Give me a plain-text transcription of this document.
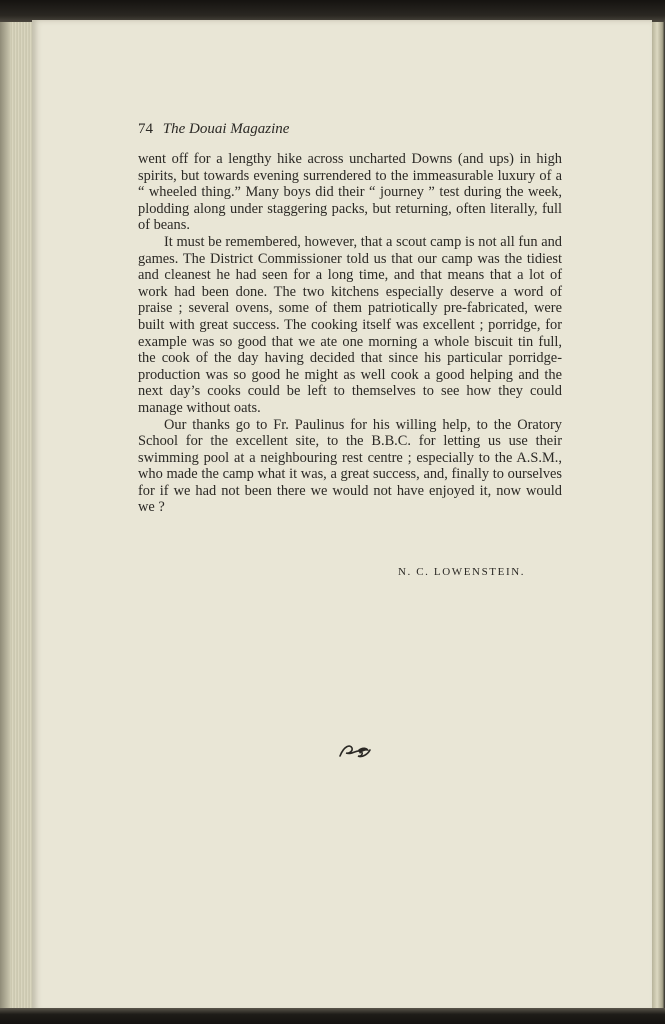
74 The Douai Magazine

went off for a lengthy hike across uncharted Downs (and ups) in high spirits, but towards evening surrendered to the immeasurable luxury of a “ wheeled thing.” Many boys did their “ journey ” test during the week, plodding along under staggering packs, but returning, often literally, full of beans.

It must be remembered, however, that a scout camp is not all fun and games. The District Commissioner told us that our camp was the tidiest and cleanest he had seen for a long time, and that means that a lot of work had been done. The two kitchens especially deserve a word of praise ; several ovens, some of them patriotically pre-fabricated, were built with great success. The cooking itself was excellent ; porridge, for example was so good that we ate one morning a whole biscuit tin full, the cook of the day having decided that since his particular porridge-production was so good he might as well cook a good helping and the next day’s cooks could be left to themselves to see how they could manage without oats.

Our thanks go to Fr. Paulinus for his willing help, to the Oratory School for the excellent site, to the B.B.C. for letting us use their swimming pool at a neighbouring rest centre ; especially to the A.S.M., who made the camp what it was, a great success, and, finally to ourselves for if we had not been there we would not have enjoyed it, now would we ?

N. C. LOWENSTEIN.
